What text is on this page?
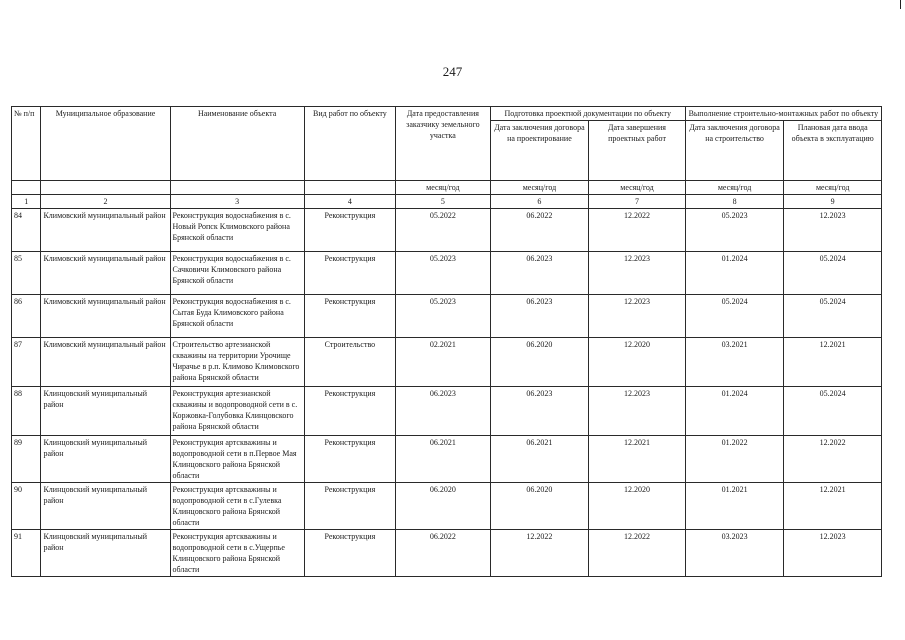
247
№ п/п	Муниципальное образование	Наименование объекта	Вид работ по объекту	Дата предоставления заказчику земельного участка	Подготовка проектной документации по объекту		Выполнение строительно-монтажных работ по объекту	
					Дата заключения договора на проектирование	Дата завершения проектных работ	Дата заключения договора на строительство	Плановая дата ввода объекта в эксплуатацию
				месяц/год	месяц/год	месяц/год	месяц/год	месяц/год
1	2	3	4	5	6	7	8	9
84	Климовский муниципальный район	Реконструкция водоснабжения в с. Новый Ропск Климовского района Брянской области	Реконструкция	05.2022	06.2022	12.2022	05.2023	12.2023
85	Климовский муниципальный район	Реконструкция водоснабжения в с. Сачковичи Климовского района Брянской области	Реконструкция	05.2023	06.2023	12.2023	01.2024	05.2024
86	Климовский муниципальный район	Реконструкция водоснабжения в с. Сытая Буда Климовского района Брянской области	Реконструкция	05.2023	06.2023	12.2023	05.2024	05.2024
87	Климовский муниципальный район	Строительство артезианской скважины на территории Урочище Чирачье в р.п. Климово Климовского района Брянской области	Строительство	02.2021	06.2020	12.2020	03.2021	12.2021
88	Клинцовский муниципальный район	Реконструкция артезианской скважины и водопроводной сети в с. Коржовка-Голубовка Клинцовского района Брянской области	Реконструкция	06.2023	06.2023	12.2023	01.2024	05.2024
89	Клинцовский муниципальный район	Реконструкция артскважины и водопроводной сети в п.Первое Мая Клинцовского района Брянской области	Реконструкция	06.2021	06.2021	12.2021	01.2022	12.2022
90	Клинцовский муниципальный район	Реконструкция артскважины и водопроводной сети в с.Гулевка Клинцовского района Брянской области	Реконструкция	06.2020	06.2020	12.2020	01.2021	12.2021
91	Клинцовский муниципальный район	Реконструкция артскважины и водопроводной сети в с.Ущерпье Клинцовского района Брянской области	Реконструкция	06.2022	12.2022	12.2022	03.2023	12.2023
